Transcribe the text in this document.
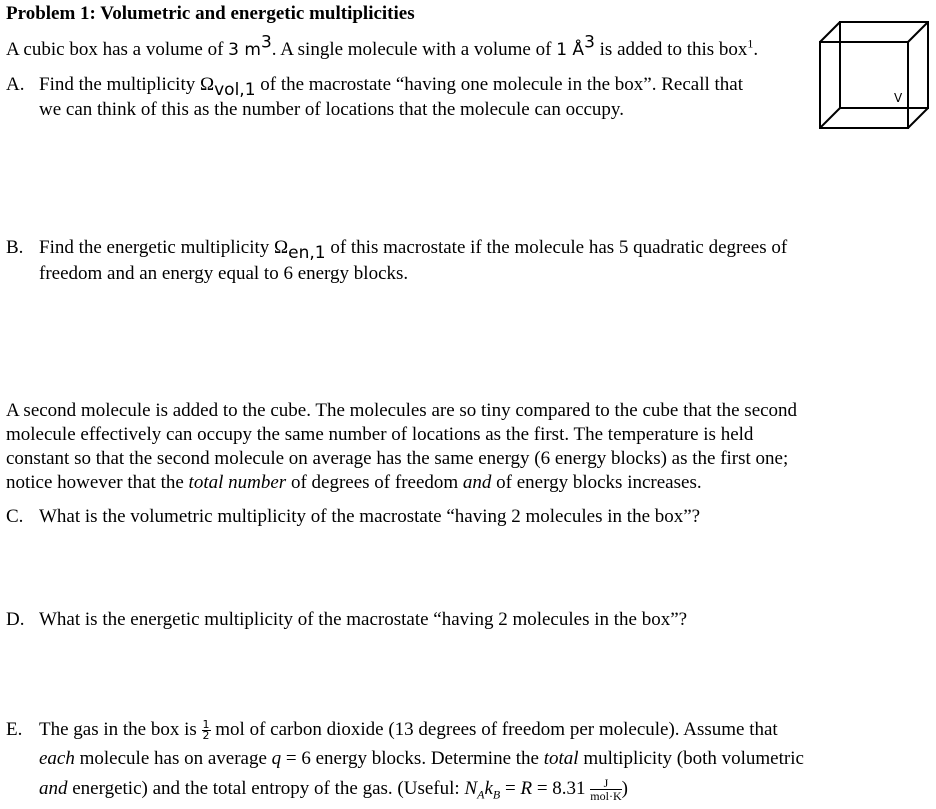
Problem 1: Volumetric and energetic multiplicities
A cubic box has a volume of 3 $m^3$. A single molecule with a volume of 1 $Å^3$ is added to this box$^1$.
A. Find the multiplicity $\Omega_{vol,1}$ of the macrostate “having one molecule in the box”. Recall that
we can think of this as the number of locations that the molecule can occupy.
V
B. Find the energetic multiplicity $\Omega_{en,1}$ of this macrostate if the molecule has 5 quadratic degrees of
freedom and an energy equal to 6 energy blocks.
A second molecule is added to the cube. The molecules are so tiny compared to the cube that the second
molecule effectively can occupy the same number of locations as the first. The temperature is held
constant so that the second molecule on average has the same energy (6 energy blocks) as the first one;
notice however that the total number of degrees of freedom and of energy blocks increases.
C. What is the volumetric multiplicity of the macrostate “having 2 molecules in the box”?
D. What is the energetic multiplicity of the macrostate “having 2 molecules in the box”?
E. The gas in the box is $\frac{1}{2}$ mol of carbon dioxide (13 degrees of freedom per molecule). Assume that
each molecule has on average q = 6 energy blocks. Determine the total multiplicity (both volumetric
and energetic) and the total entropy of the gas. (Useful: $N_Ak_B = R = 8.31$	J
mol·K)
